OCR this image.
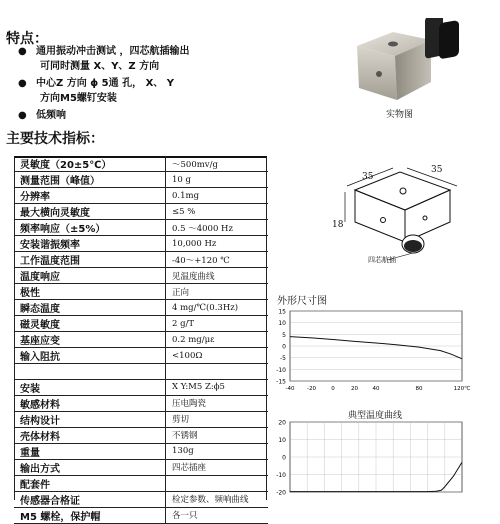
特点：
● 通用振动冲击测试 ，四芯航插输出
可同时测量 X、Y、Z 方向
● 中心Z 方向 ϕ 5通 孔， X、 Y
方向M5螺钉安装
● 低频响	实物图
主要技术指标：
灵敏度（20±5℃）	～500mv/g
测量范围（峰值）	10 g
分辨率	0.1mg
最大横向灵敏度	≤5 %
频率响应（±5%）	0.5 ～4000 Hz
安装谐振频率	10,000 Hz
工作温度范围	-40～+120 ℃
温度响应	见温度曲线
极性	正向
瞬态温度	4 mg/℃(0.3Hz)
磁灵敏度	2 g/T
基座应变	0.2 mg/με
输入阻抗	<100Ω

安装	X Y:M5 Z:ϕ5
敏感材料	压电陶瓷
结构设计	剪切
壳体材料	不锈钢
重量	130g
输出方式	四芯插座
配套件	
传感器合格证	检定参数、频响曲线
M5 螺栓，保护帽	各一只
35
35
18
四芯航插
外形尺寸图
15
10
5
0
-5
-10
-15
-40 -20	0	20	40	80	120℃
典型温度曲线
20
10
0
-10
-20
